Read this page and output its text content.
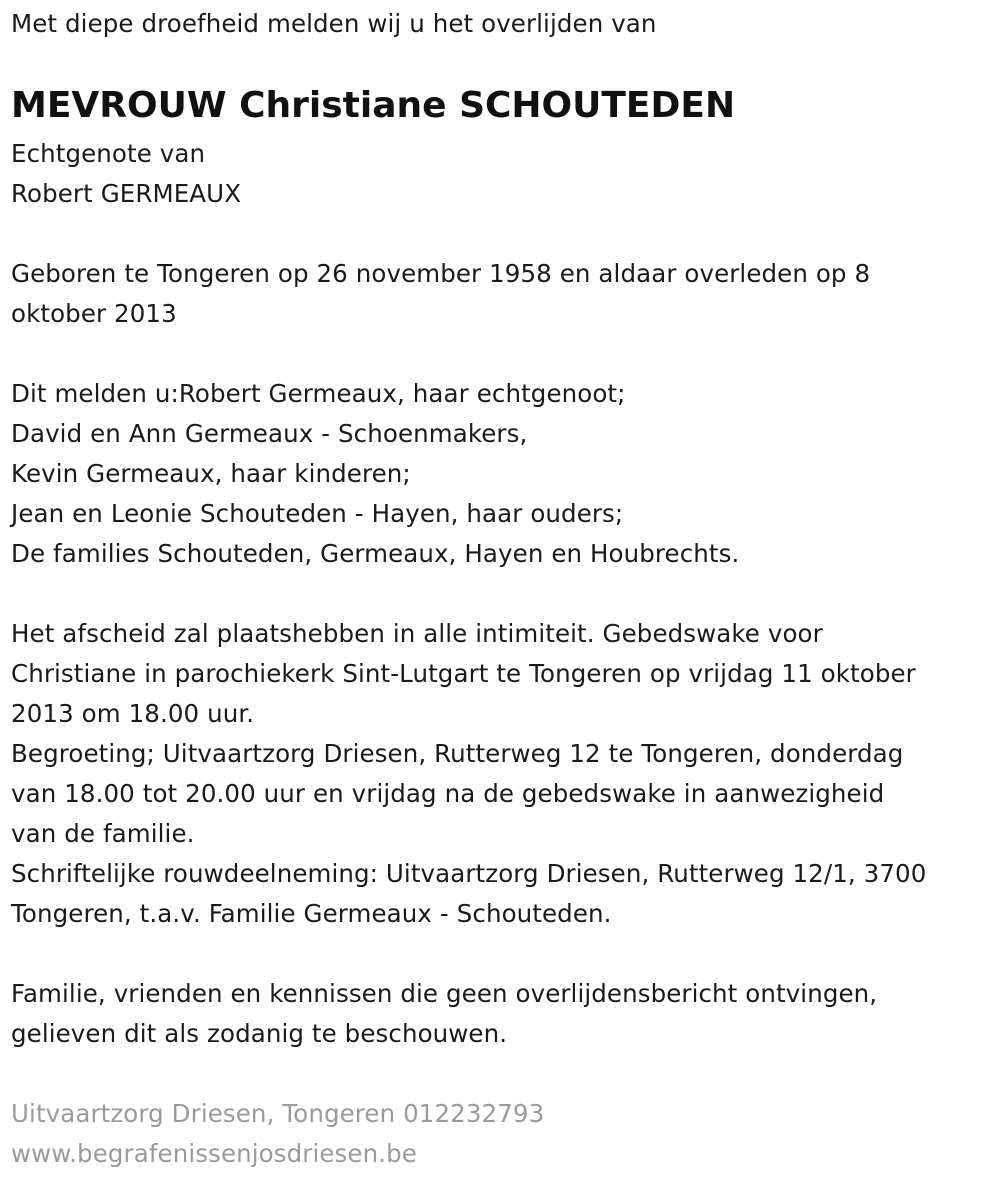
Met diepe droefheid melden wij u het overlijden van
MEVROUW Christiane SCHOUTEDEN
Echtgenote van
Robert GERMEAUX
Geboren te Tongeren op 26 november 1958 en aldaar overleden op 8
oktober 2013
Dit melden u:Robert Germeaux, haar echtgenoot;
David en Ann Germeaux - Schoenmakers,
Kevin Germeaux, haar kinderen;
Jean en Leonie Schouteden - Hayen, haar ouders;
De families Schouteden, Germeaux, Hayen en Houbrechts.
Het afscheid zal plaatshebben in alle intimiteit. Gebedswake voor
Christiane in parochiekerk Sint-Lutgart te Tongeren op vrijdag 11 oktober
2013 om 18.00 uur.
Begroeting; Uitvaartzorg Driesen, Rutterweg 12 te Tongeren, donderdag
van 18.00 tot 20.00 uur en vrijdag na de gebedswake in aanwezigheid
van de familie.
Schriftelijke rouwdeelneming: Uitvaartzorg Driesen, Rutterweg 12/1, 3700
Tongeren, t.a.v. Familie Germeaux - Schouteden.
Familie, vrienden en kennissen die geen overlijdensbericht ontvingen,
gelieven dit als zodanig te beschouwen.
Uitvaartzorg Driesen, Tongeren 012232793
www.begrafenissenjosdriesen.be
